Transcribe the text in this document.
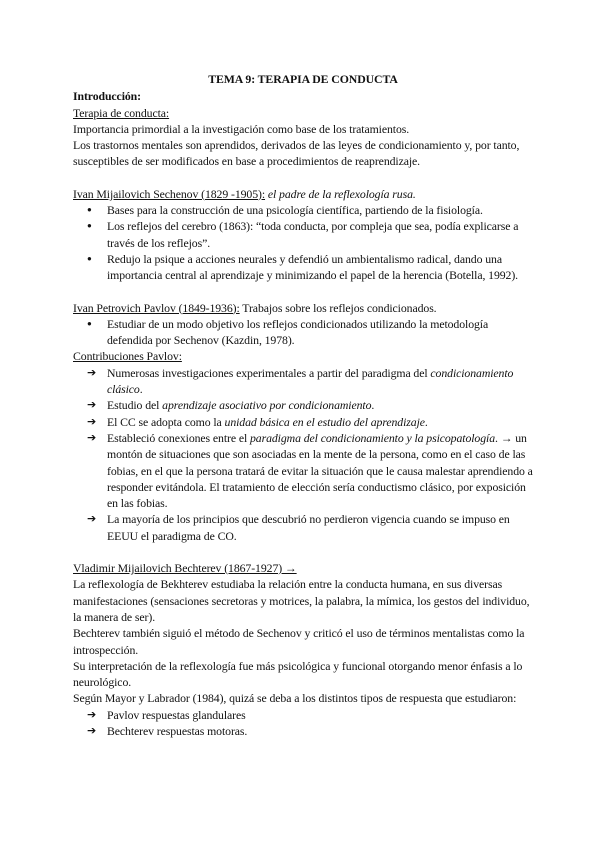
TEMA 9: TERAPIA DE CONDUCTA

Introducción:

Terapia de conducta:

Importancia primordial a la investigación como base de los tratamientos.

Los trastornos mentales son aprendidos, derivados de las leyes de condicionamiento y, por tanto, susceptibles de ser modificados en base a procedimientos de reaprendizaje.

Ivan Mijailovich Sechenov (1829 -1905): el padre de la reflexología rusa.

● Bases para la construcción de una psicología científica, partiendo de la fisiología.
● Los reflejos del cerebro (1863): “toda conducta, por compleja que sea, podía explicarse a través de los reflejos”.
● Redujo la psique a acciones neurales y defendió un ambientalismo radical, dando una importancia central al aprendizaje y minimizando el papel de la herencia (Botella, 1992).

Ivan Petrovich Pavlov (1849-1936): Trabajos sobre los reflejos condicionados.

● Estudiar de un modo objetivo los reflejos condicionados utilizando la metodología defendida por Sechenov (Kazdin, 1978).

Contribuciones Pavlov:

➔ Numerosas investigaciones experimentales a partir del paradigma del condicionamiento clásico.
➔ Estudio del aprendizaje asociativo por condicionamiento.
➔ El CC se adopta como la unidad básica en el estudio del aprendizaje.
➔ Estableció conexiones entre el paradigma del condicionamiento y la psicopatología. → un montón de situaciones que son asociadas en la mente de la persona, como en el caso de las fobias, en el que la persona tratará de evitar la situación que le causa malestar aprendiendo a responder evitándola. El tratamiento de elección sería conductismo clásico, por exposición en las fobias.
➔ La mayoría de los principios que descubrió no perdieron vigencia cuando se impuso en EEUU el paradigma de CO.

Vladimir Mijailovich Bechterev (1867-1927) →

La reflexología de Bekhterev estudiaba la relación entre la conducta humana, en sus diversas manifestaciones (sensaciones secretoras y motrices, la palabra, la mímica, los gestos del individuo, la manera de ser).

Bechterev también siguió el método de Sechenov y criticó el uso de términos mentalistas como la introspección.

Su interpretación de la reflexología fue más psicológica y funcional otorgando menor énfasis a lo neurológico.

Según Mayor y Labrador (1984), quizá se deba a los distintos tipos de respuesta que estudiaron:

➔ Pavlov respuestas glandulares
➔ Bechterev respuestas motoras.
